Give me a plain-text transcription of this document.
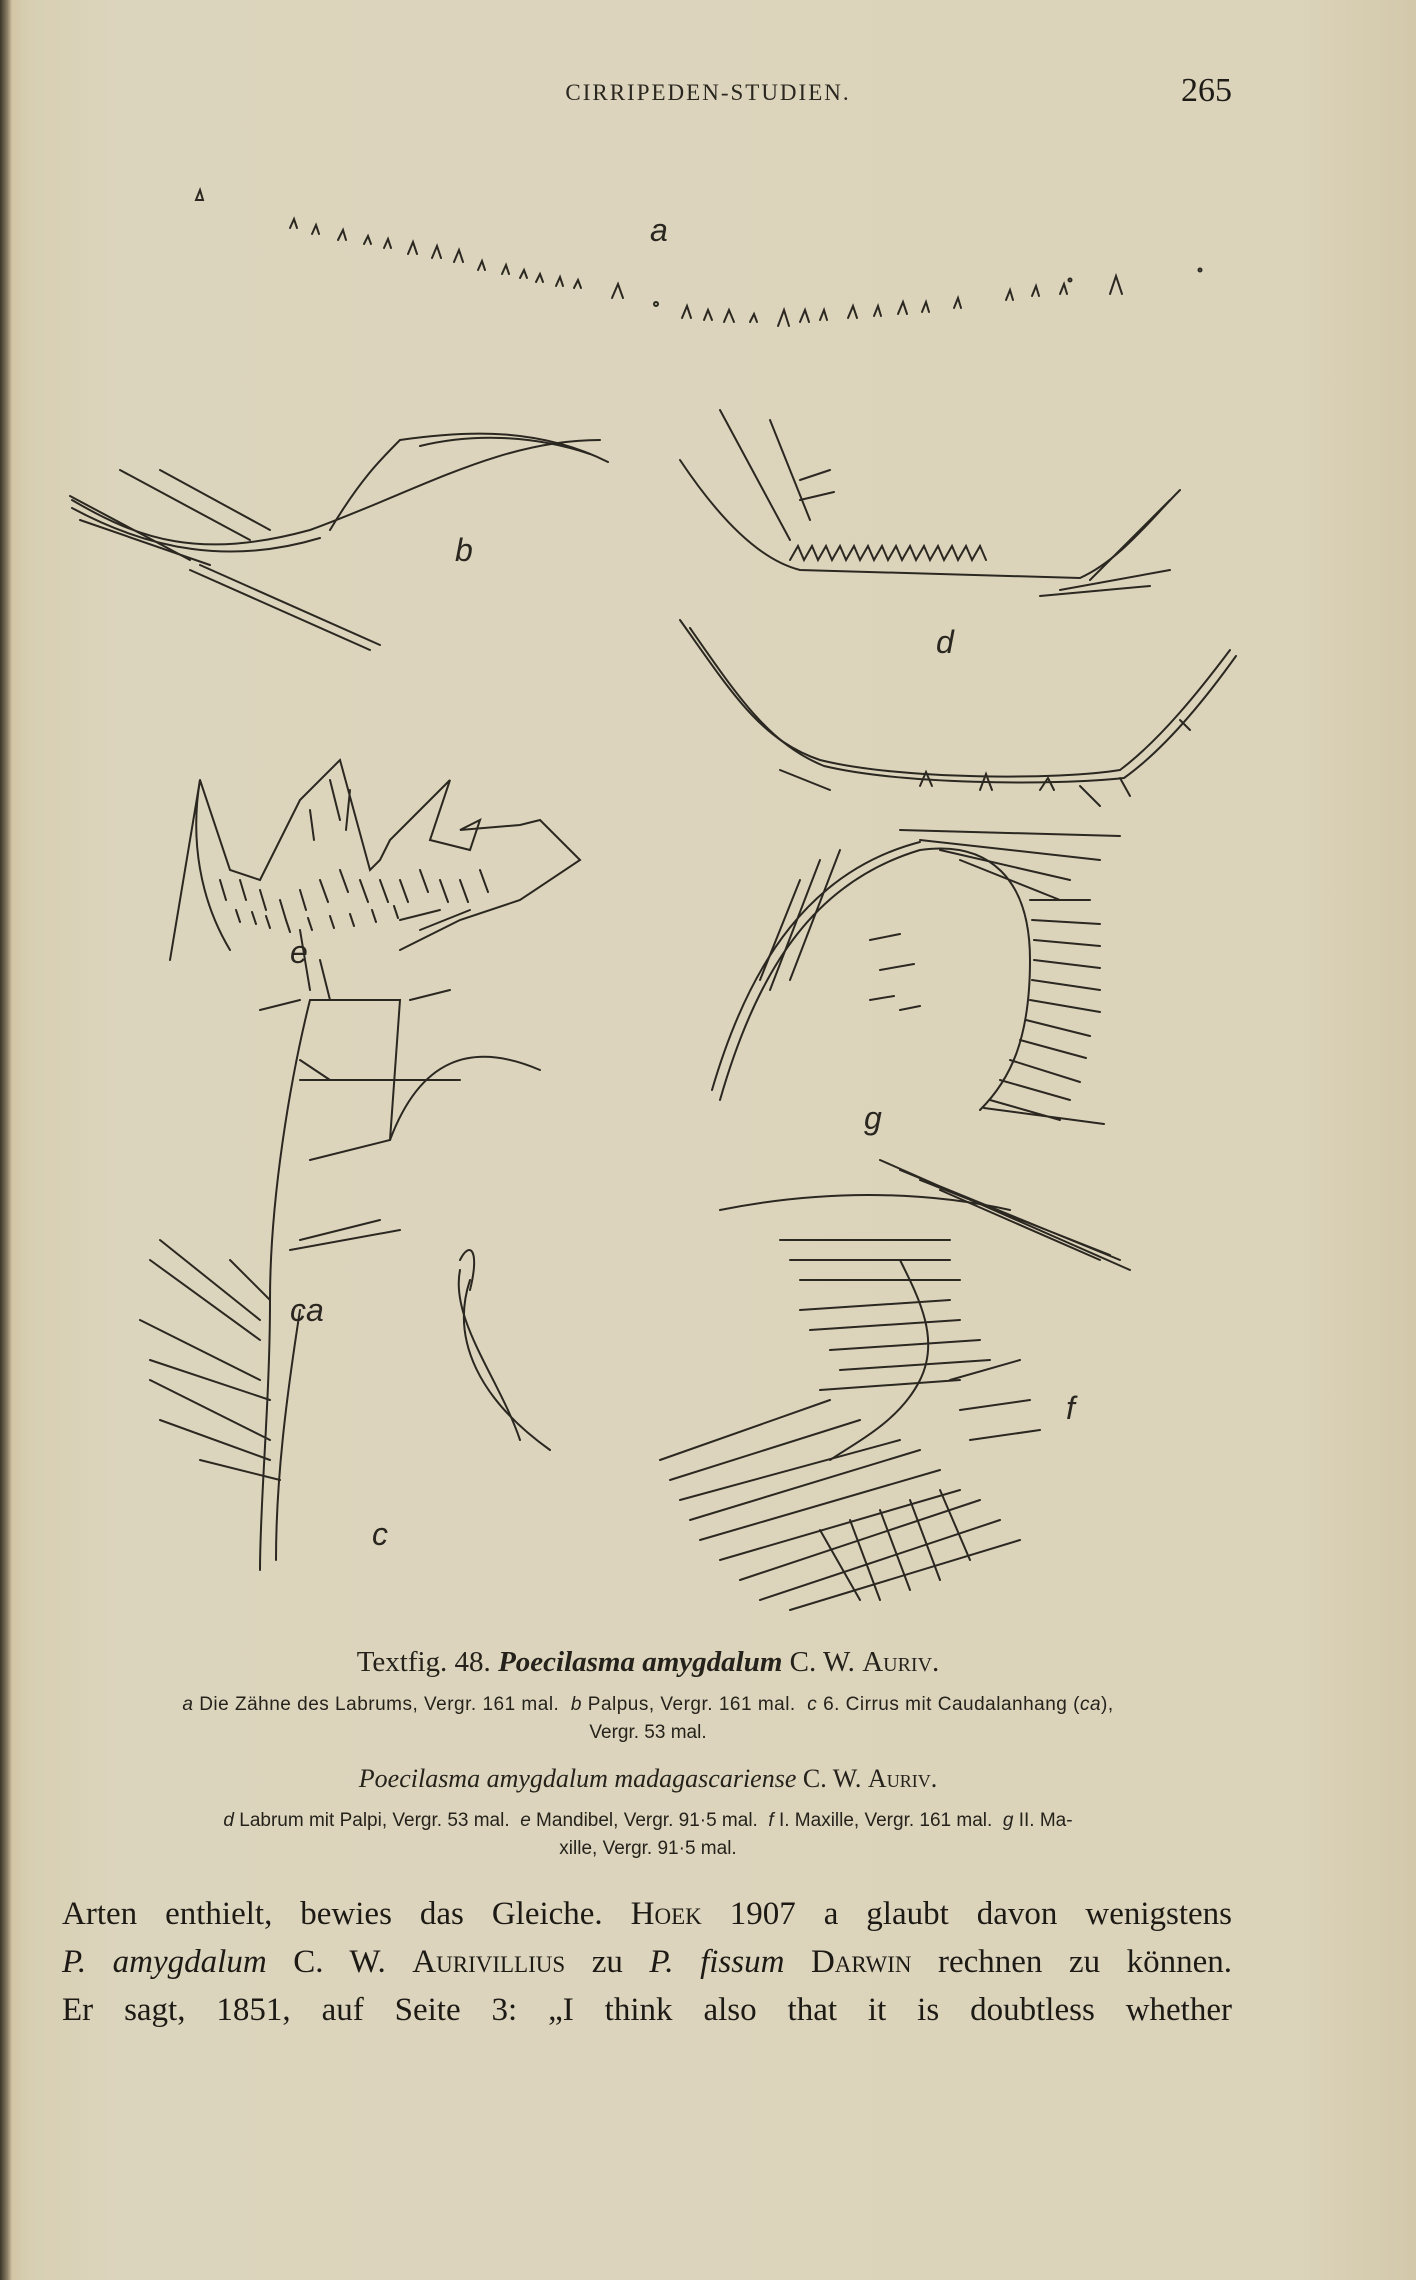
CIRRIPEDEN-STUDIEN.	265
a
b
d
e
g
ca
f
c
Textfig. 48. Poecilasma amygdalum C. W. Auriv.
a Die Zähne des Labrums, Vergr. 161 mal. b Palpus, Vergr. 161 mal. c 6. Cirrus mit Caudalanhang (ca),
Vergr. 53 mal.
Poecilasma amygdalum madagascariense C. W. Auriv.
d Labrum mit Palpi, Vergr. 53 mal. e Mandibel, Vergr. 91·5 mal. f I. Maxille, Vergr. 161 mal. g II. Ma-
xille, Vergr. 91·5 mal.
Arten enthielt, bewies das Gleiche. Hoek 1907 a glaubt davon wenigstens
P. amygdalum C. W. Aurivillius zu P. fissum Darwin rechnen zu können.
Er sagt, 1851, auf Seite 3: „I think also that it is doubtless whether
